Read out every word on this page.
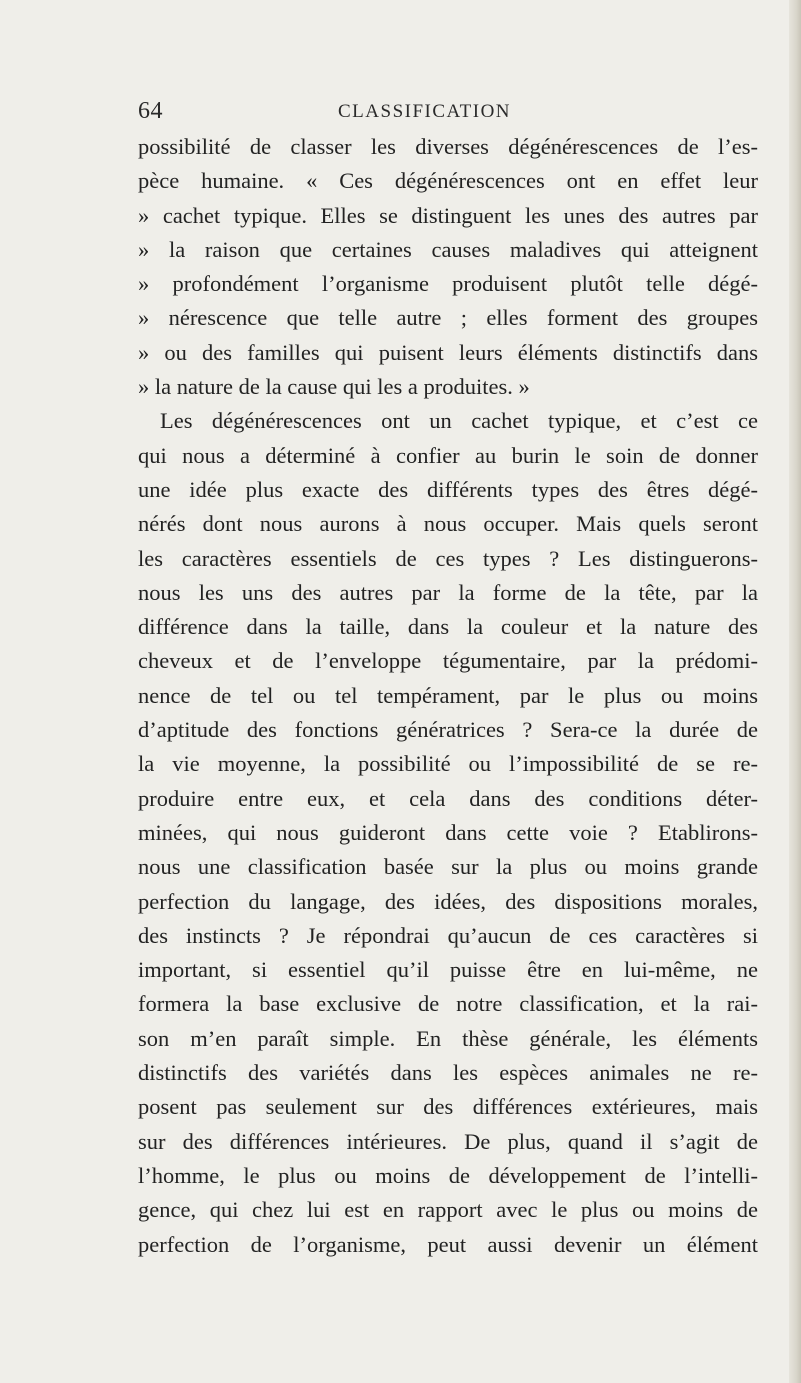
64	CLASSIFICATION
possibilité de classer les diverses dégénérescences de l’es-
pèce humaine. « Ces dégénérescences ont en effet leur
» cachet typique. Elles se distinguent les unes des autres par
» la raison que certaines causes maladives qui atteignent
» profondément l’organisme produisent plutôt telle dégé-
» nérescence que telle autre ; elles forment des groupes
» ou des familles qui puisent leurs éléments distinctifs dans
» la nature de la cause qui les a produites. »
Les dégénérescences ont un cachet typique, et c’est ce
qui nous a déterminé à confier au burin le soin de donner
une idée plus exacte des différents types des êtres dégé-
nérés dont nous aurons à nous occuper. Mais quels seront
les caractères essentiels de ces types ? Les distinguerons-
nous les uns des autres par la forme de la tête, par la
différence dans la taille, dans la couleur et la nature des
cheveux et de l’enveloppe tégumentaire, par la prédomi-
nence de tel ou tel tempérament, par le plus ou moins
d’aptitude des fonctions génératrices ? Sera-ce la durée de
la vie moyenne, la possibilité ou l’impossibilité de se re-
produire entre eux, et cela dans des conditions déter-
minées, qui nous guideront dans cette voie ? Etablirons-
nous une classification basée sur la plus ou moins grande
perfection du langage, des idées, des dispositions morales,
des instincts ? Je répondrai qu’aucun de ces caractères si
important, si essentiel qu’il puisse être en lui-même, ne
formera la base exclusive de notre classification, et la rai-
son m’en paraît simple. En thèse générale, les éléments
distinctifs des variétés dans les espèces animales ne re-
posent pas seulement sur des différences extérieures, mais
sur des différences intérieures. De plus, quand il s’agit de
l’homme, le plus ou moins de développement de l’intelli-
gence, qui chez lui est en rapport avec le plus ou moins de
perfection de l’organisme, peut aussi devenir un élément
